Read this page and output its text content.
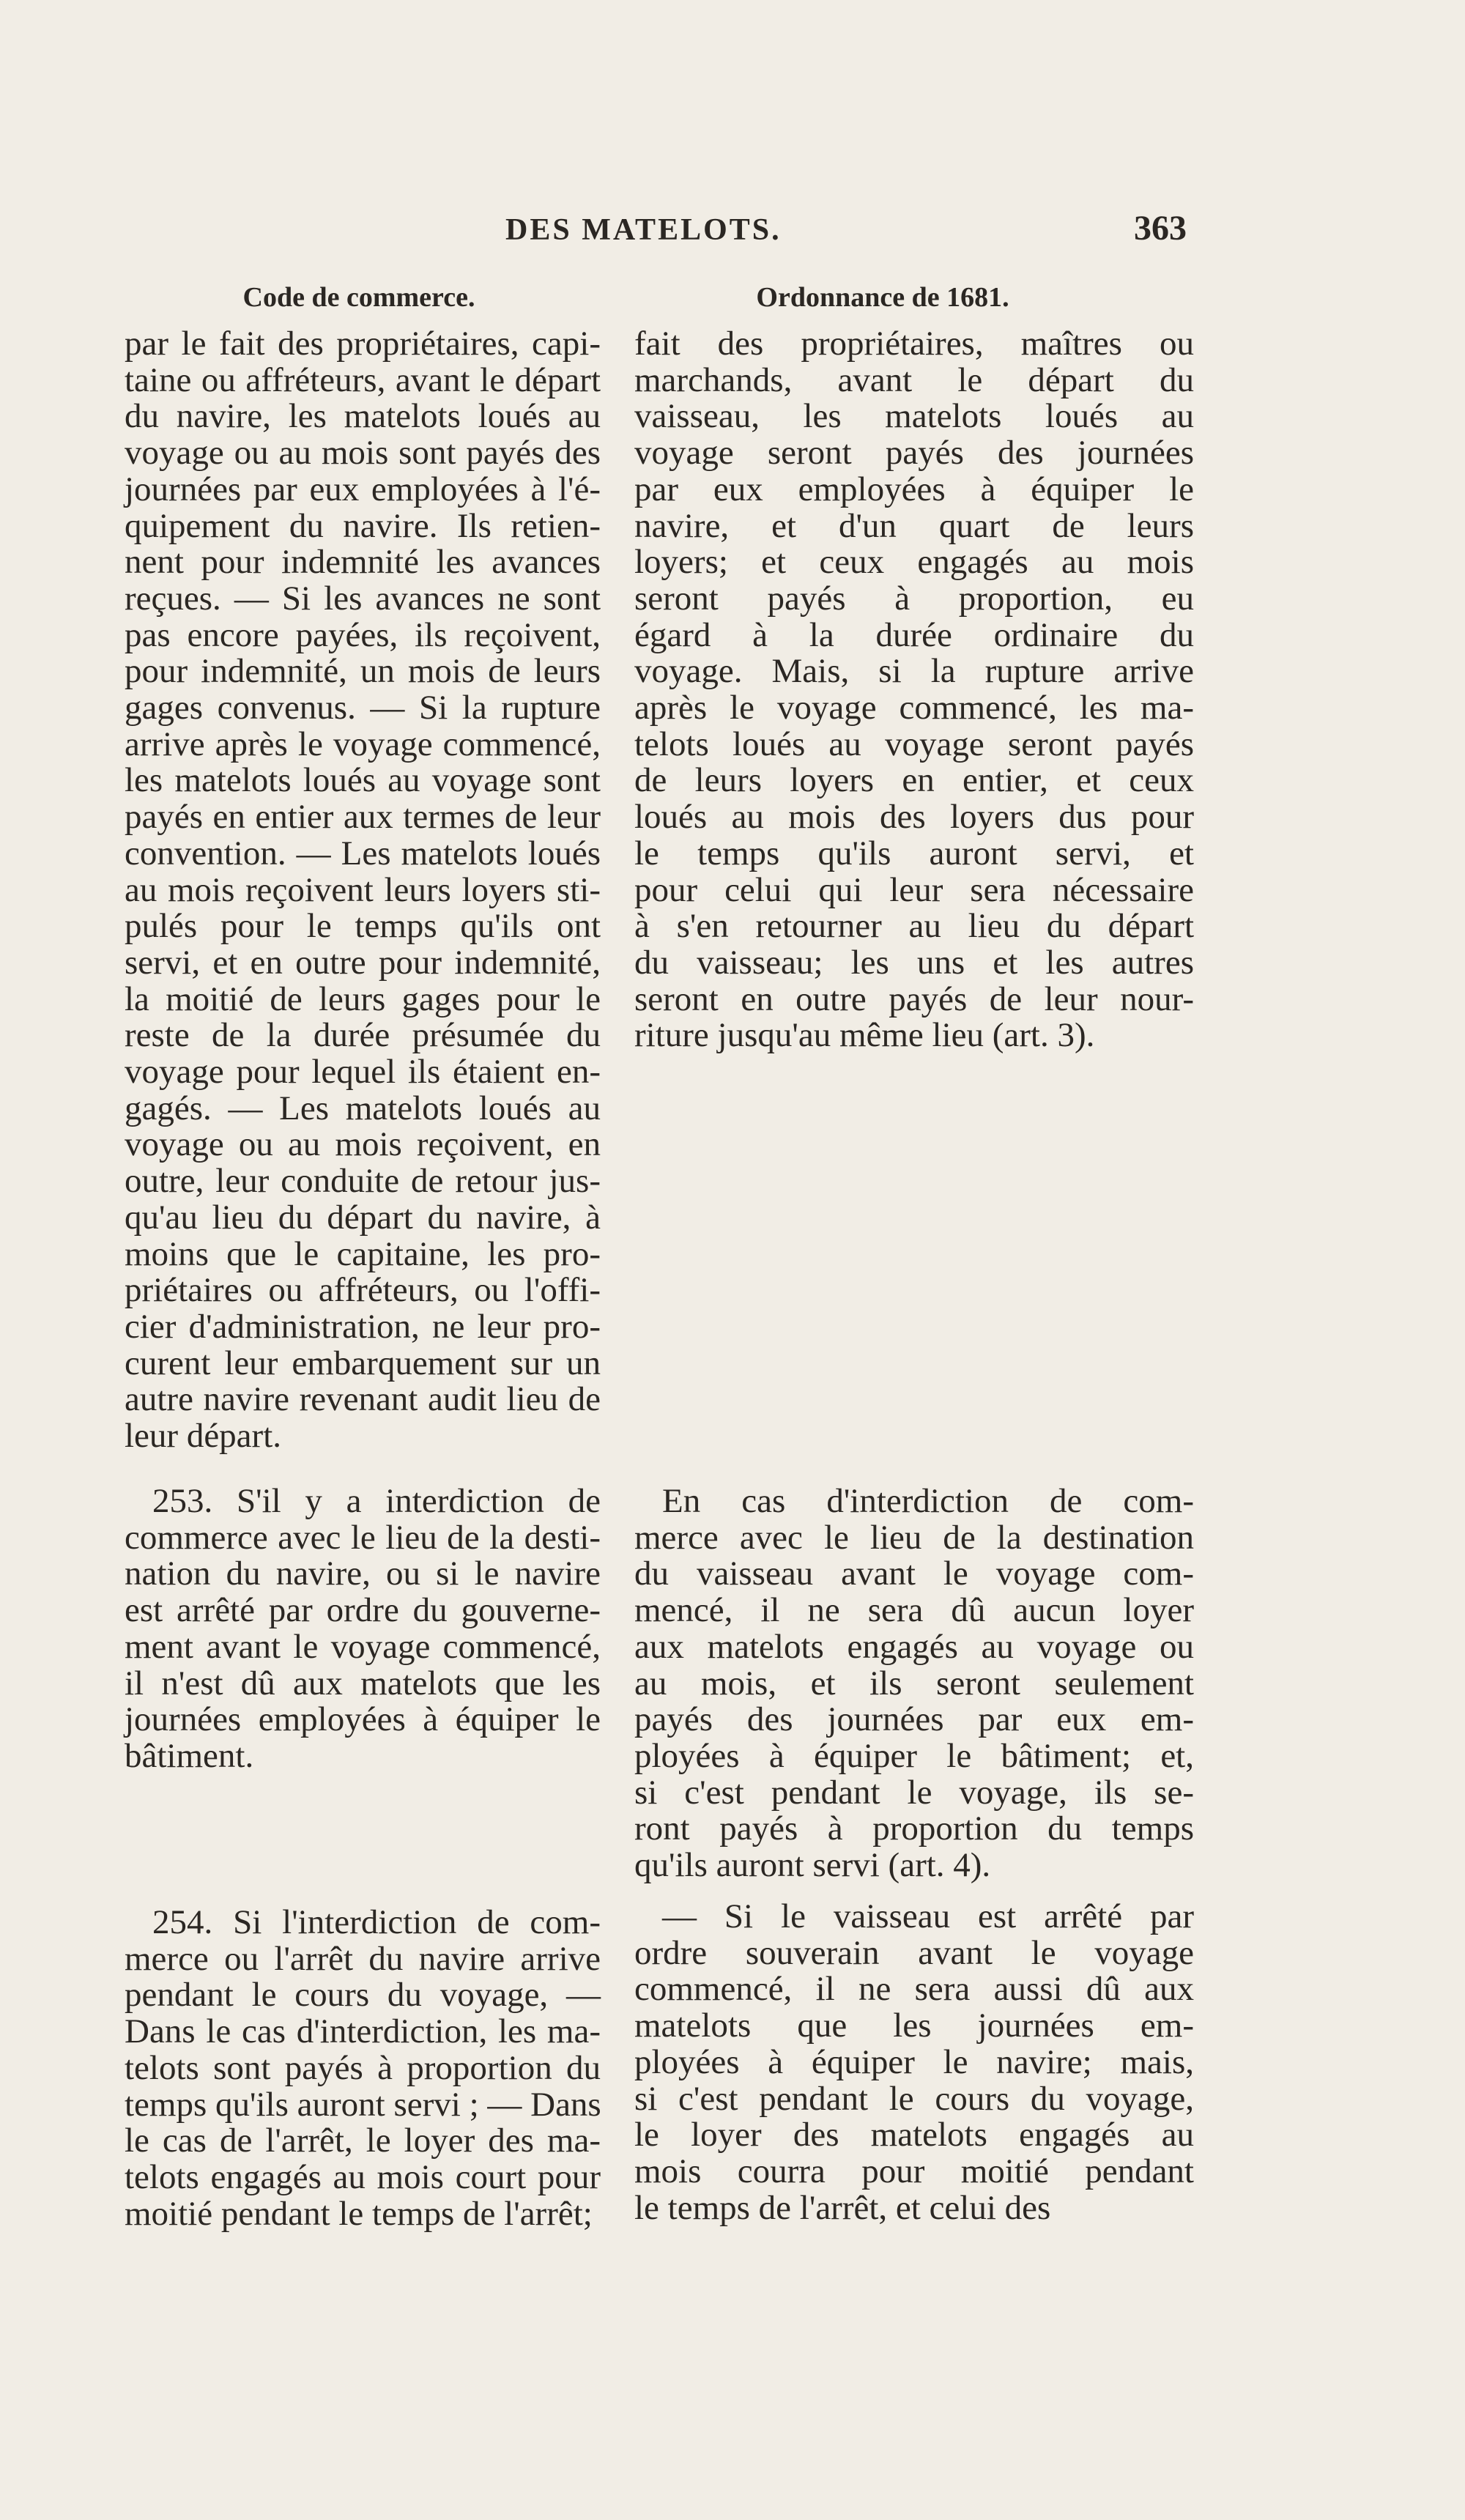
DES MATELOTS.	363
Code de commerce.	Ordonnance de 1681.
par le fait des propriétaires, capi-
taine ou affréteurs, avant le départ
du navire, les matelots loués au
voyage ou au mois sont payés des
journées par eux employées à l'é-
quipement du navire. Ils retien-
nent pour indemnité les avances
reçues. — Si les avances ne sont
pas encore payées, ils reçoivent,
pour indemnité, un mois de leurs
gages convenus. — Si la rupture
arrive après le voyage commencé,
les matelots loués au voyage sont
payés en entier aux termes de leur
convention. — Les matelots loués
au mois reçoivent leurs loyers sti-
pulés pour le temps qu'ils ont
servi, et en outre pour indemnité,
la moitié de leurs gages pour le
reste de la durée présumée du
voyage pour lequel ils étaient en-
gagés. — Les matelots loués au
voyage ou au mois reçoivent, en
outre, leur conduite de retour jus-
qu'au lieu du départ du navire, à
moins que le capitaine, les pro-
priétaires ou affréteurs, ou l'offi-
cier d'administration, ne leur pro-
curent leur embarquement sur un
autre navire revenant audit lieu de
leur départ.
fait des propriétaires, maîtres ou
marchands, avant le départ du
vaisseau, les matelots loués au
voyage seront payés des journées
par eux employées à équiper le
navire, et d'un quart de leurs
loyers; et ceux engagés au mois
seront payés à proportion, eu
égard à la durée ordinaire du
voyage. Mais, si la rupture arrive
après le voyage commencé, les ma-
telots loués au voyage seront payés
de leurs loyers en entier, et ceux
loués au mois des loyers dus pour
le temps qu'ils auront servi, et
pour celui qui leur sera nécessaire
à s'en retourner au lieu du départ
du vaisseau; les uns et les autres
seront en outre payés de leur nour-
riture jusqu'au même lieu (art. 3).
253. S'il y a interdiction de
commerce avec le lieu de la desti-
nation du navire, ou si le navire
est arrêté par ordre du gouverne-
ment avant le voyage commencé,
il n'est dû aux matelots que les
journées employées à équiper le
bâtiment.
En cas d'interdiction de com-
merce avec le lieu de la destination
du vaisseau avant le voyage com-
mencé, il ne sera dû aucun loyer
aux matelots engagés au voyage ou
au mois, et ils seront seulement
payés des journées par eux em-
ployées à équiper le bâtiment; et,
si c'est pendant le voyage, ils se-
ront payés à proportion du temps
qu'ils auront servi (art. 4).
254. Si l'interdiction de com-
merce ou l'arrêt du navire arrive
pendant le cours du voyage, —
Dans le cas d'interdiction, les ma-
telots sont payés à proportion du
temps qu'ils auront servi ; — Dans
le cas de l'arrêt, le loyer des ma-
telots engagés au mois court pour
moitié pendant le temps de l'arrêt;
— Si le vaisseau est arrêté par
ordre souverain avant le voyage
commencé, il ne sera aussi dû aux
matelots que les journées em-
ployées à équiper le navire; mais,
si c'est pendant le cours du voyage,
le loyer des matelots engagés au
mois courra pour moitié pendant
le temps de l'arrêt, et celui des
